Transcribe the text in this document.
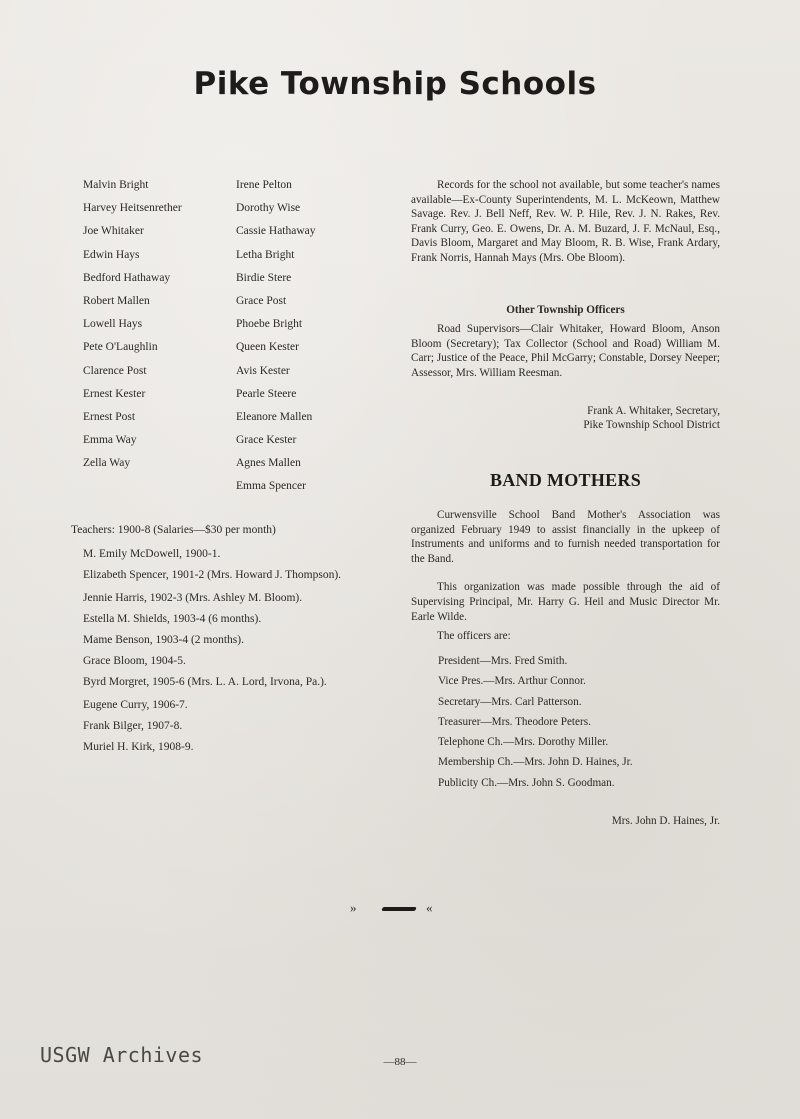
Pike Township Schools
Malvin Bright
Harvey Heitsenrether
Joe Whitaker
Edwin Hays
Bedford Hathaway
Robert Mallen
Lowell Hays
Pete O'Laughlin
Clarence Post
Ernest Kester
Ernest Post
Emma Way
Zella Way
Irene Pelton
Dorothy Wise
Cassie Hathaway
Letha Bright
Birdie Stere
Grace Post
Phoebe Bright
Queen Kester
Avis Kester
Pearle Steere
Eleanore Mallen
Grace Kester
Agnes Mallen
Emma Spencer
Teachers: 1900-8 (Salaries—$30 per month)
M. Emily McDowell, 1900-1.
Elizabeth Spencer, 1901-2 (Mrs. Howard J. Thompson).
Jennie Harris, 1902-3 (Mrs. Ashley M. Bloom).
Estella M. Shields, 1903-4 (6 months).
Mame Benson, 1903-4 (2 months).
Grace Bloom, 1904-5.
Byrd Morgret, 1905-6 (Mrs. L. A. Lord, Irvona, Pa.).
Eugene Curry, 1906-7.
Frank Bilger, 1907-8.
Muriel H. Kirk, 1908-9.

Records for the school not available, but some teacher's names available—Ex-County Superintendents, M. L. McKeown, Matthew Savage. Rev. J. Bell Neff, Rev. W. P. Hile, Rev. J. N. Rakes, Rev. Frank Curry, Geo. E. Owens, Dr. A. M. Buzard, J. F. McNaul, Esq., Davis Bloom, Margaret and May Bloom, R. B. Wise, Frank Ardary, Frank Norris, Hannah Mays (Mrs. Obe Bloom).

Other Township Officers

Road Supervisors—Clair Whitaker, Howard Bloom, Anson Bloom (Secretary); Tax Collector (School and Road) William M. Carr; Justice of the Peace, Phil McGarry; Constable, Dorsey Neeper; Assessor, Mrs. William Reesman.

Frank A. Whitaker, Secretary,
Pike Township School District
BAND MOTHERS

Curwensville School Band Mother's Association was organized February 1949 to assist financially in the upkeep of Instruments and uniforms and to furnish needed transportation for the Band.

This organization was made possible through the aid of Supervising Principal, Mr. Harry G. Heil and Music Director Mr. Earle Wilde.

The officers are:

President—Mrs. Fred Smith.
Vice Pres.—Mrs. Arthur Connor.
Secretary—Mrs. Carl Patterson.
Treasurer—Mrs. Theodore Peters.
Telephone Ch.—Mrs. Dorothy Miller.
Membership Ch.—Mrs. John D. Haines, Jr.
Publicity Ch.—Mrs. John S. Goodman.
Mrs. John D. Haines, Jr.
»	«
USGW Archives	—88—
